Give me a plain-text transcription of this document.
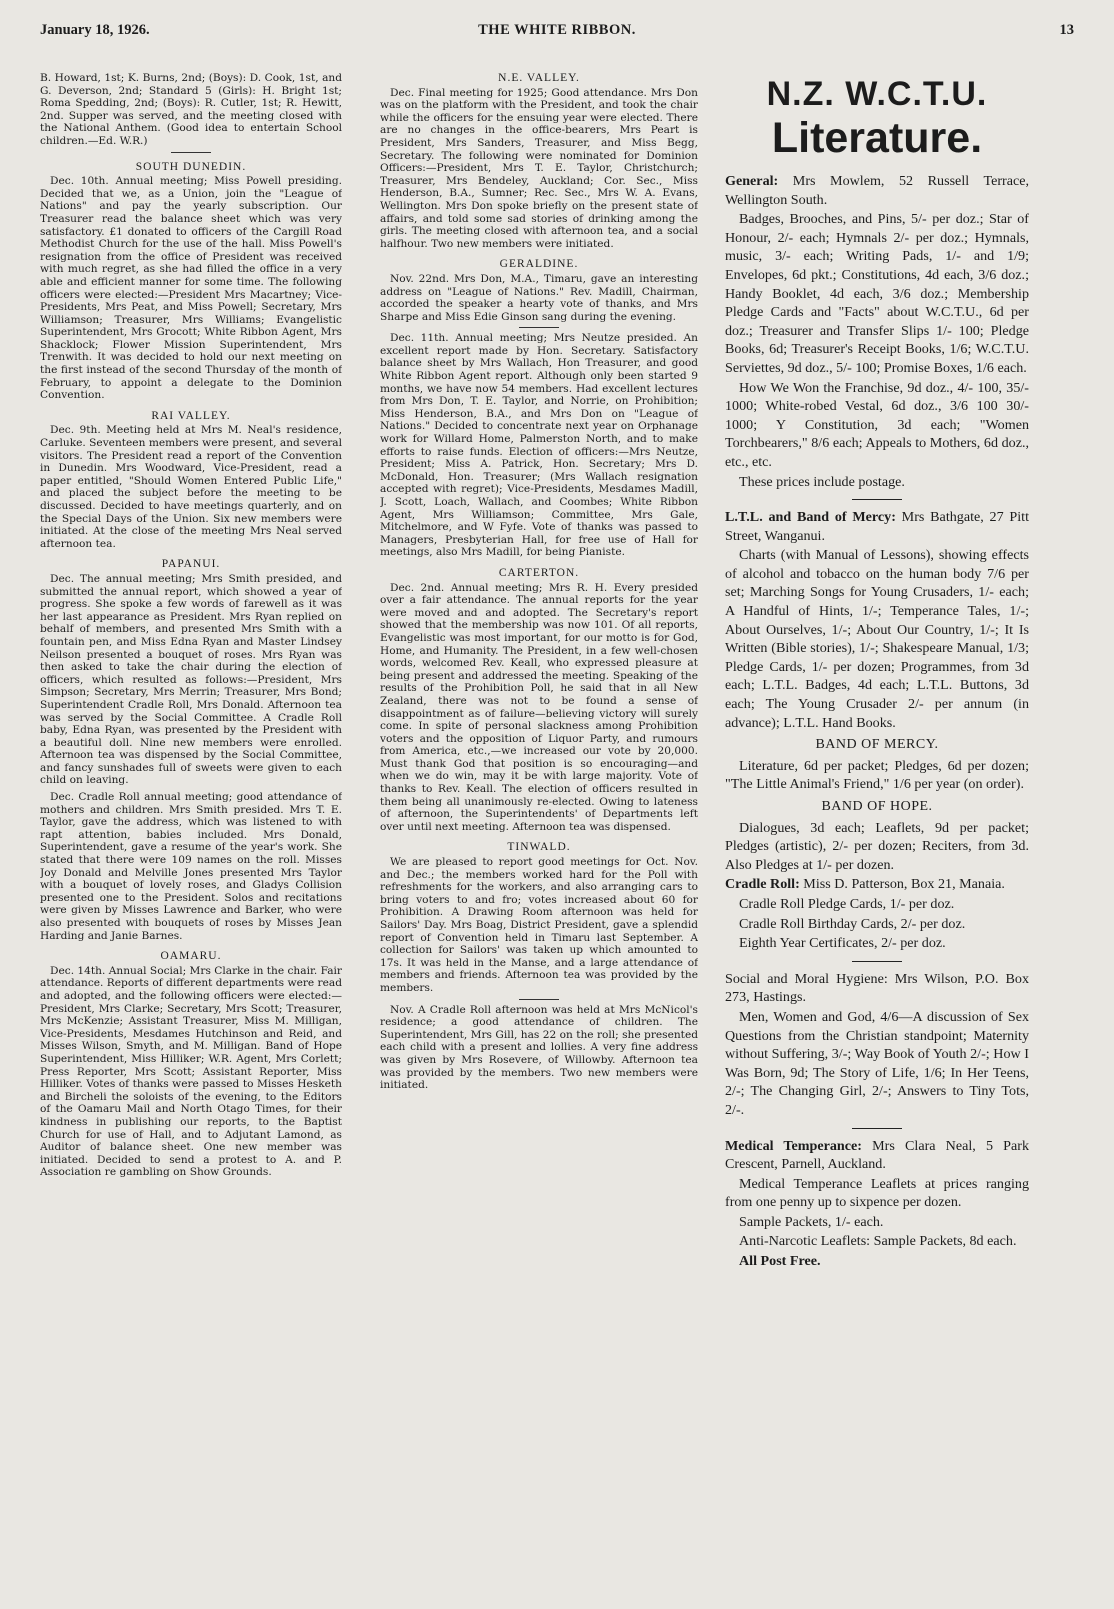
January 18, 1926.	THE WHITE RIBBON.	13

B. Howard, 1st; K. Burns, 2nd; (Boys): D. Cook, 1st, and G. Deverson, 2nd; Standard 5 (Girls): H. Bright 1st; Roma Spedding, 2nd; (Boys): R. Cutler, 1st; R. Hewitt, 2nd. Supper was served, and the meeting closed with the National Anthem. (Good idea to entertain School children.—Ed. W.R.)

SOUTH DUNEDIN.

Dec. 10th. Annual meeting; Miss Powell presiding. Decided that we, as a Union, join the "League of Nations" and pay the yearly subscription. Our Treasurer read the balance sheet which was very satisfactory. £1 donated to officers of the Cargill Road Methodist Church for the use of the hall. Miss Powell's resignation from the office of President was received with much regret, as she had filled the office in a very able and efficient manner for some time. The following officers were elected:—President Mrs Macartney; Vice-Presidents, Mrs Peat, and Miss Powell; Secretary, Mrs Williamson; Treasurer, Mrs Williams; Evangelistic Superintendent, Mrs Grocott; White Ribbon Agent, Mrs Shacklock; Flower Mission Superintendent, Mrs Trenwith. It was decided to hold our next meeting on the first instead of the second Thursday of the month of February, to appoint a delegate to the Dominion Convention.

RAI VALLEY.

Dec. 9th. Meeting held at Mrs M. Neal's residence, Carluke. Seventeen members were present, and several visitors. The President read a report of the Convention in Dunedin. Mrs Woodward, Vice-President, read a paper entitled, "Should Women Entered Public Life," and placed the subject before the meeting to be discussed. Decided to have meetings quarterly, and on the Special Days of the Union. Six new members were initiated. At the close of the meeting Mrs Neal served afternoon tea.

PAPANUI.

Dec. The annual meeting; Mrs Smith presided, and submitted the annual report, which showed a year of progress. She spoke a few words of farewell as it was her last appearance as President. Mrs Ryan replied on behalf of members, and presented Mrs Smith with a fountain pen, and Miss Edna Ryan and Master Lindsey Neilson presented a bouquet of roses. Mrs Ryan was then asked to take the chair during the election of officers, which resulted as follows:—President, Mrs Simpson; Secretary, Mrs Merrin; Treasurer, Mrs Bond; Superintendent Cradle Roll, Mrs Donald. Afternoon tea was served by the Social Committee. A Cradle Roll baby, Edna Ryan, was presented by the President with a beautiful doll. Nine new members were enrolled. Afternoon tea was dispensed by the Social Committee, and fancy sunshades full of sweets were given to each child on leaving.

Dec. Cradle Roll annual meeting; good attendance of mothers and children. Mrs Smith presided. Mrs T. E. Taylor, gave the address, which was listened to with rapt attention, babies included. Mrs Donald, Superintendent, gave a resume of the year's work. She stated that there were 109 names on the roll. Misses Joy Donald and Melville Jones presented Mrs Taylor with a bouquet of lovely roses, and Gladys Collision presented one to the President. Solos and recitations were given by Misses Lawrence and Barker, who were also presented with bouquets of roses by Misses Jean Harding and Janie Barnes.

OAMARU.

Dec. 14th. Annual Social; Mrs Clarke in the chair. Fair attendance. Reports of different departments were read and adopted, and the following officers were elected:—President, Mrs Clarke; Secretary, Mrs Scott; Treasurer, Mrs McKenzie; Assistant Treasurer, Miss M. Milligan, Vice-Presidents, Mesdames Hutchinson and Reid, and Misses Wilson, Smyth, and M. Milligan. Band of Hope Superintendent, Miss Hilliker; W.R. Agent, Mrs Corlett; Press Reporter, Mrs Scott; Assistant Reporter, Miss Hilliker. Votes of thanks were passed to Misses Hesketh and Bircheli the soloists of the evening, to the Editors of the Oamaru Mail and North Otago Times, for their kindness in publishing our reports, to the Baptist Church for use of Hall, and to Adjutant Lamond, as Auditor of balance sheet. One new member was initiated. Decided to send a protest to A. and P. Association re gambling on Show Grounds.

N.E. VALLEY.

Dec. Final meeting for 1925; Good attendance. Mrs Don was on the platform with the President, and took the chair while the officers for the ensuing year were elected. There are no changes in the office-bearers, Mrs Peart is President, Mrs Sanders, Treasurer, and Miss Begg, Secretary. The following were nominated for Dominion Officers:—President, Mrs T. E. Taylor, Christchurch; Treasurer, Mrs Bendeley, Auckland; Cor. Sec., Miss Henderson, B.A., Sumner; Rec. Sec., Mrs W. A. Evans, Wellington. Mrs Don spoke briefly on the present state of affairs, and told some sad stories of drinking among the girls. The meeting closed with afternoon tea, and a social halfhour. Two new members were initiated.

GERALDINE.

Nov. 22nd. Mrs Don, M.A., Timaru, gave an interesting address on "League of Nations." Rev. Madill, Chairman, accorded the speaker a hearty vote of thanks, and Mrs Sharpe and Miss Edie Ginson sang during the evening.

Dec. 11th. Annual meeting; Mrs Neutze presided. An excellent report made by Hon. Secretary. Satisfactory balance sheet by Mrs Wallach, Hon Treasurer, and good White Ribbon Agent report. Although only been started 9 months, we have now 54 members. Had excellent lectures from Mrs Don, T. E. Taylor, and Norrie, on Prohibition; Miss Henderson, B.A., and Mrs Don on "League of Nations." Decided to concentrate next year on Orphanage work for Willard Home, Palmerston North, and to make efforts to raise funds. Election of officers:—Mrs Neutze, President; Miss A. Patrick, Hon. Secretary; Mrs D. McDonald, Hon. Treasurer; (Mrs Wallach resignation accepted with regret); Vice-Presidents, Mesdames Madill, J. Scott, Loach, Wallach, and Coombes; White Ribbon Agent, Mrs Williamson; Committee, Mrs Gale, Mitchelmore, and W Fyfe. Vote of thanks was passed to Managers, Presbyterian Hall, for free use of Hall for meetings, also Mrs Madill, for being Pianiste.

CARTERTON.

Dec. 2nd. Annual meeting; Mrs R. H. Every presided over a fair attendance. The annual reports for the year were moved and and adopted. The Secretary's report showed that the membership was now 101. Of all reports, Evangelistic was most important, for our motto is for God, Home, and Humanity. The President, in a few well-chosen words, welcomed Rev. Keall, who expressed pleasure at being present and addressed the meeting. Speaking of the results of the Prohibition Poll, he said that in all New Zealand, there was not to be found a sense of disappointment as of failure—believing victory will surely come. In spite of personal slackness among Prohibition voters and the opposition of Liquor Party, and rumours from America, etc.,—we increased our vote by 20,000. Must thank God that position is so encouraging—and when we do win, may it be with large majority. Vote of thanks to Rev. Keall. The election of officers resulted in them being all unanimously re-elected. Owing to lateness of afternoon, the Superintendents' of Departments left over until next meeting. Afternoon tea was dispensed.

TINWALD.

We are pleased to report good meetings for Oct. Nov. and Dec.; the members worked hard for the Poll with refreshments for the workers, and also arranging cars to bring voters to and fro; votes increased about 60 for Prohibition. A Drawing Room afternoon was held for Sailors' Day. Mrs Boag, District President, gave a splendid report of Convention held in Timaru last September. A collection for Sailors' was taken up which amounted to 17s. It was held in the Manse, and a large attendance of members and friends. Afternoon tea was provided by the members.

Nov. A Cradle Roll afternoon was held at Mrs McNicol's residence; a good attendance of children. The Superintendent, Mrs Gill, has 22 on the roll; she presented each child with a present and lollies. A very fine address was given by Mrs Rosevere, of Willowby. Afternoon tea was provided by the members. Two new members were initiated.

N.Z. W.C.T.U.
Literature.

General: Mrs Mowlem, 52 Russell Terrace, Wellington South.

Badges, Brooches, and Pins, 5/- per doz.; Star of Honour, 2/- each; Hymnals 2/- per doz.; Hymnals, music, 3/- each; Writing Pads, 1/- and 1/9; Envelopes, 6d pkt.; Constitutions, 4d each, 3/6 doz.; Handy Booklet, 4d each, 3/6 doz.; Membership Pledge Cards and "Facts" about W.C.T.U., 6d per doz.; Treasurer and Transfer Slips 1/- 100; Pledge Books, 6d; Treasurer's Receipt Books, 1/6; W.C.T.U. Serviettes, 9d doz., 5/- 100; Promise Boxes, 1/6 each.

How We Won the Franchise, 9d doz., 4/- 100, 35/- 1000; White-robed Vestal, 6d doz., 3/6 100 30/- 1000; Y Constitution, 3d each; "Women Torchbearers," 8/6 each; Appeals to Mothers, 6d doz., etc., etc.

These prices include postage.

L.T.L. and Band of Mercy: Mrs Bathgate, 27 Pitt Street, Wanganui.

Charts (with Manual of Lessons), showing effects of alcohol and tobacco on the human body 7/6 per set; Marching Songs for Young Crusaders, 1/- each; A Handful of Hints, 1/-; Temperance Tales, 1/-; About Ourselves, 1/-; About Our Country, 1/-; It Is Written (Bible stories), 1/-; Shakespeare Manual, 1/3; Pledge Cards, 1/- per dozen; Programmes, from 3d each; L.T.L. Badges, 4d each; L.T.L. Buttons, 3d each; The Young Crusader 2/- per annum (in advance); L.T.L. Hand Books.

BAND OF MERCY.

Literature, 6d per packet; Pledges, 6d per dozen; "The Little Animal's Friend," 1/6 per year (on order).

BAND OF HOPE.

Dialogues, 3d each; Leaflets, 9d per packet; Pledges (artistic), 2/- per dozen; Reciters, from 3d. Also Pledges at 1/- per dozen.

Cradle Roll: Miss D. Patterson, Box 21, Manaia.

Cradle Roll Pledge Cards, 1/- per doz.

Cradle Roll Birthday Cards, 2/- per doz.

Eighth Year Certificates, 2/- per doz.

Social and Moral Hygiene: Mrs Wilson, P.O. Box 273, Hastings.

Men, Women and God, 4/6—A discussion of Sex Questions from the Christian standpoint; Maternity without Suffering, 3/-; Way Book of Youth 2/-; How I Was Born, 9d; The Story of Life, 1/6; In Her Teens, 2/-; The Changing Girl, 2/-; Answers to Tiny Tots, 2/-.

Medical Temperance: Mrs Clara Neal, 5 Park Crescent, Parnell, Auckland.

Medical Temperance Leaflets at prices ranging from one penny up to sixpence per dozen.

Sample Packets, 1/- each.

Anti-Narcotic Leaflets: Sample Packets, 8d each.

All Post Free.
